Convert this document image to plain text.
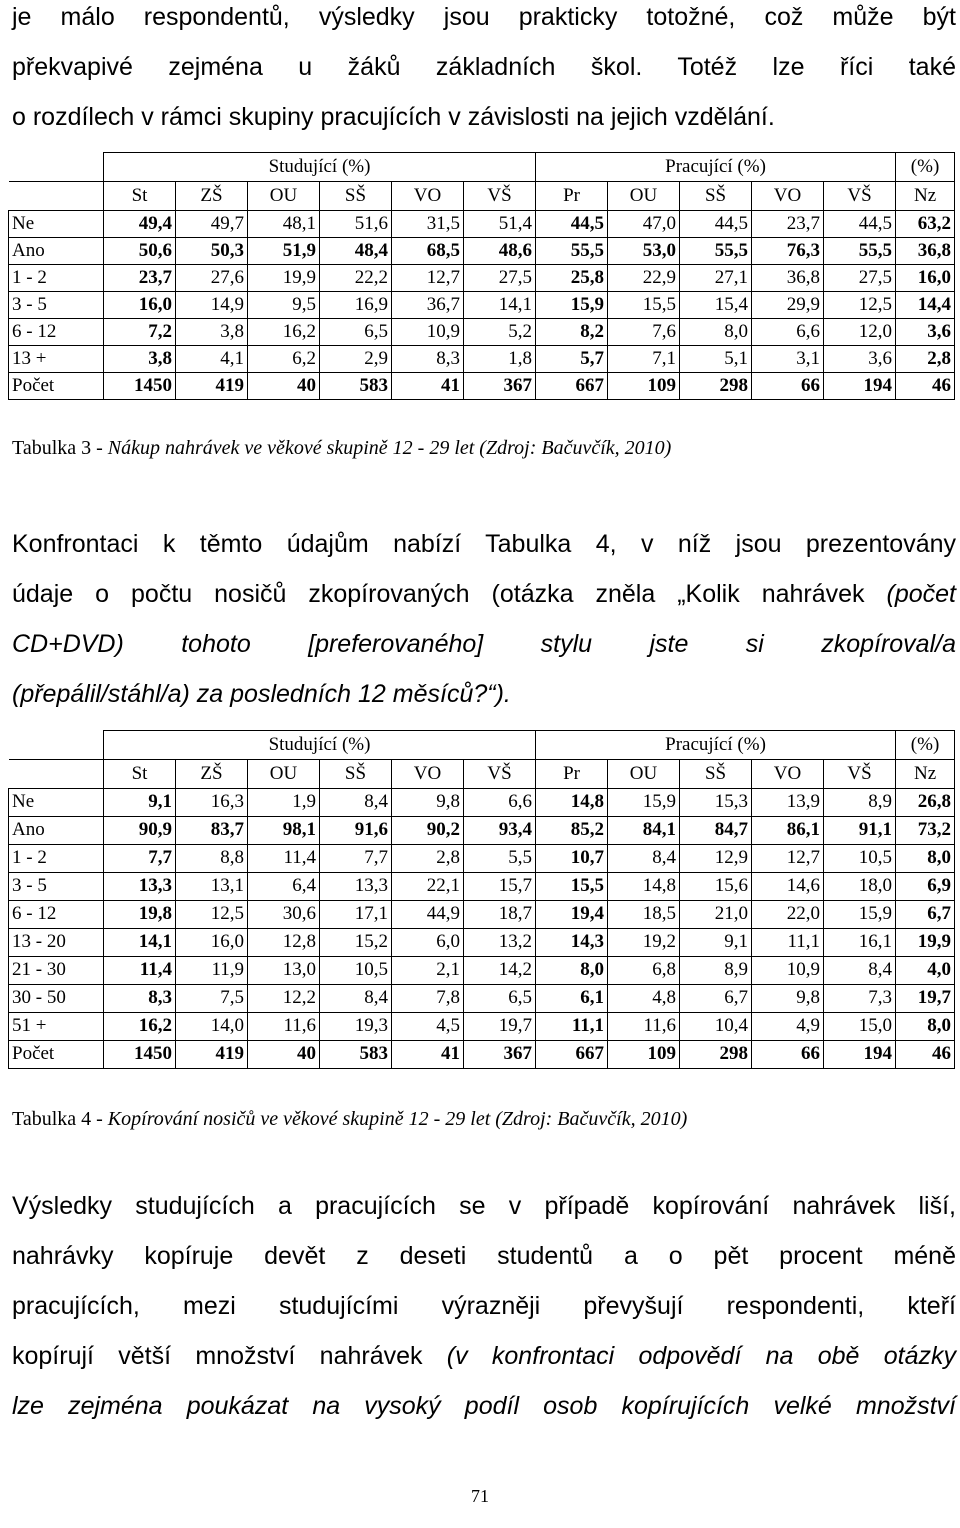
je málo respondentů, výsledky jsou prakticky totožné, což může být
překvapivé zejména u žáků základních škol. Totéž lze říci také
o rozdílech v rámci skupiny pracujících v závislosti na jejich vzdělání.
	Studující (%)						Pracující (%)					(%)
	St	ZŠ	OU	SŠ	VO	VŠ	Pr	OU	SŠ	VO	VŠ	Nz
Ne	49,4	49,7	48,1	51,6	31,5	51,4	44,5	47,0	44,5	23,7	44,5	63,2
Ano	50,6	50,3	51,9	48,4	68,5	48,6	55,5	53,0	55,5	76,3	55,5	36,8
1 - 2	23,7	27,6	19,9	22,2	12,7	27,5	25,8	22,9	27,1	36,8	27,5	16,0
3 - 5	16,0	14,9	9,5	16,9	36,7	14,1	15,9	15,5	15,4	29,9	12,5	14,4
6 - 12	7,2	3,8	16,2	6,5	10,9	5,2	8,2	7,6	8,0	6,6	12,0	3,6
13 +	3,8	4,1	6,2	2,9	8,3	1,8	5,7	7,1	5,1	3,1	3,6	2,8
Počet	1450	419	40	583	41	367	667	109	298	66	194	46
Tabulka 3 - Nákup nahrávek ve věkové skupině 12 - 29 let (Zdroj: Bačuvčík, 2010)
Konfrontaci k těmto údajům nabízí Tabulka 4, v níž jsou prezentovány
údaje o počtu nosičů zkopírovaných (otázka zněla „Kolik nahrávek (počet
CD+DVD) tohoto [preferovaného] stylu jste si zkopíroval/a
(přepálil/stáhl/a) za posledních 12 měsíců?“).
	Studující (%)						Pracující (%)					(%)
	St	ZŠ	OU	SŠ	VO	VŠ	Pr	OU	SŠ	VO	VŠ	Nz
Ne	9,1	16,3	1,9	8,4	9,8	6,6	14,8	15,9	15,3	13,9	8,9	26,8
Ano	90,9	83,7	98,1	91,6	90,2	93,4	85,2	84,1	84,7	86,1	91,1	73,2
1 - 2	7,7	8,8	11,4	7,7	2,8	5,5	10,7	8,4	12,9	12,7	10,5	8,0
3 - 5	13,3	13,1	6,4	13,3	22,1	15,7	15,5	14,8	15,6	14,6	18,0	6,9
6 - 12	19,8	12,5	30,6	17,1	44,9	18,7	19,4	18,5	21,0	22,0	15,9	6,7
13 - 20	14,1	16,0	12,8	15,2	6,0	13,2	14,3	19,2	9,1	11,1	16,1	19,9
21 - 30	11,4	11,9	13,0	10,5	2,1	14,2	8,0	6,8	8,9	10,9	8,4	4,0
30 - 50	8,3	7,5	12,2	8,4	7,8	6,5	6,1	4,8	6,7	9,8	7,3	19,7
51 +	16,2	14,0	11,6	19,3	4,5	19,7	11,1	11,6	10,4	4,9	15,0	8,0
Počet	1450	419	40	583	41	367	667	109	298	66	194	46
Tabulka 4 - Kopírování nosičů ve věkové skupině 12 - 29 let (Zdroj: Bačuvčík, 2010)
Výsledky studujících a pracujících se v případě kopírování nahrávek liší,
nahrávky kopíruje devět z deseti studentů a o pět procent méně
pracujících, mezi studujícími výrazněji převyšují respondenti, kteří
kopírují větší množství nahrávek (v konfrontaci odpovědí na obě otázky
lze zejména poukázat na vysoký podíl osob kopírujících velké množství
71
